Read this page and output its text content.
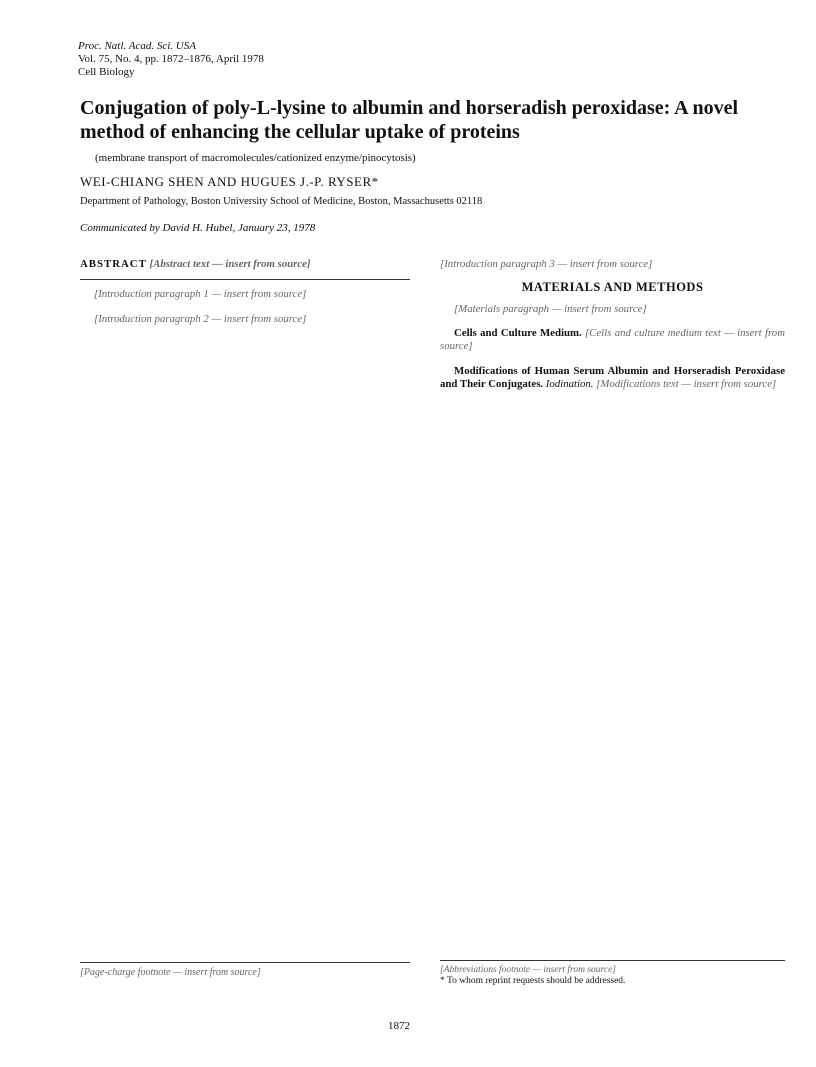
Proc. Natl. Acad. Sci. USA
Vol. 75, No. 4, pp. 1872–1876, April 1978
Cell Biology
Conjugation of poly-L-lysine to albumin and horseradish peroxidase: A novel method of enhancing the cellular uptake of proteins
(membrane transport of macromolecules/cationized enzyme/pinocytosis)
WEI-CHIANG SHEN AND HUGUES J.-P. RYSER*
Department of Pathology, Boston University School of Medicine, Boston, Massachusetts 02118
Communicated by David H. Hubel, January 23, 1978
ABSTRACT [Abstract text — insert from source]

[Introduction paragraph 1 — insert from source]

[Introduction paragraph 2 — insert from source]

[Introduction paragraph 3 — insert from source]

MATERIALS AND METHODS

[Materials paragraph — insert from source]

Cells and Culture Medium. [Cells and culture medium text — insert from source]

Modifications of Human Serum Albumin and Horseradish Peroxidase and Their Conjugates. Iodination. [Modifications text — insert from source]

[Page-charge footnote — insert from source]	[Abbreviations footnote — insert from source]
* To whom reprint requests should be addressed.
1872
